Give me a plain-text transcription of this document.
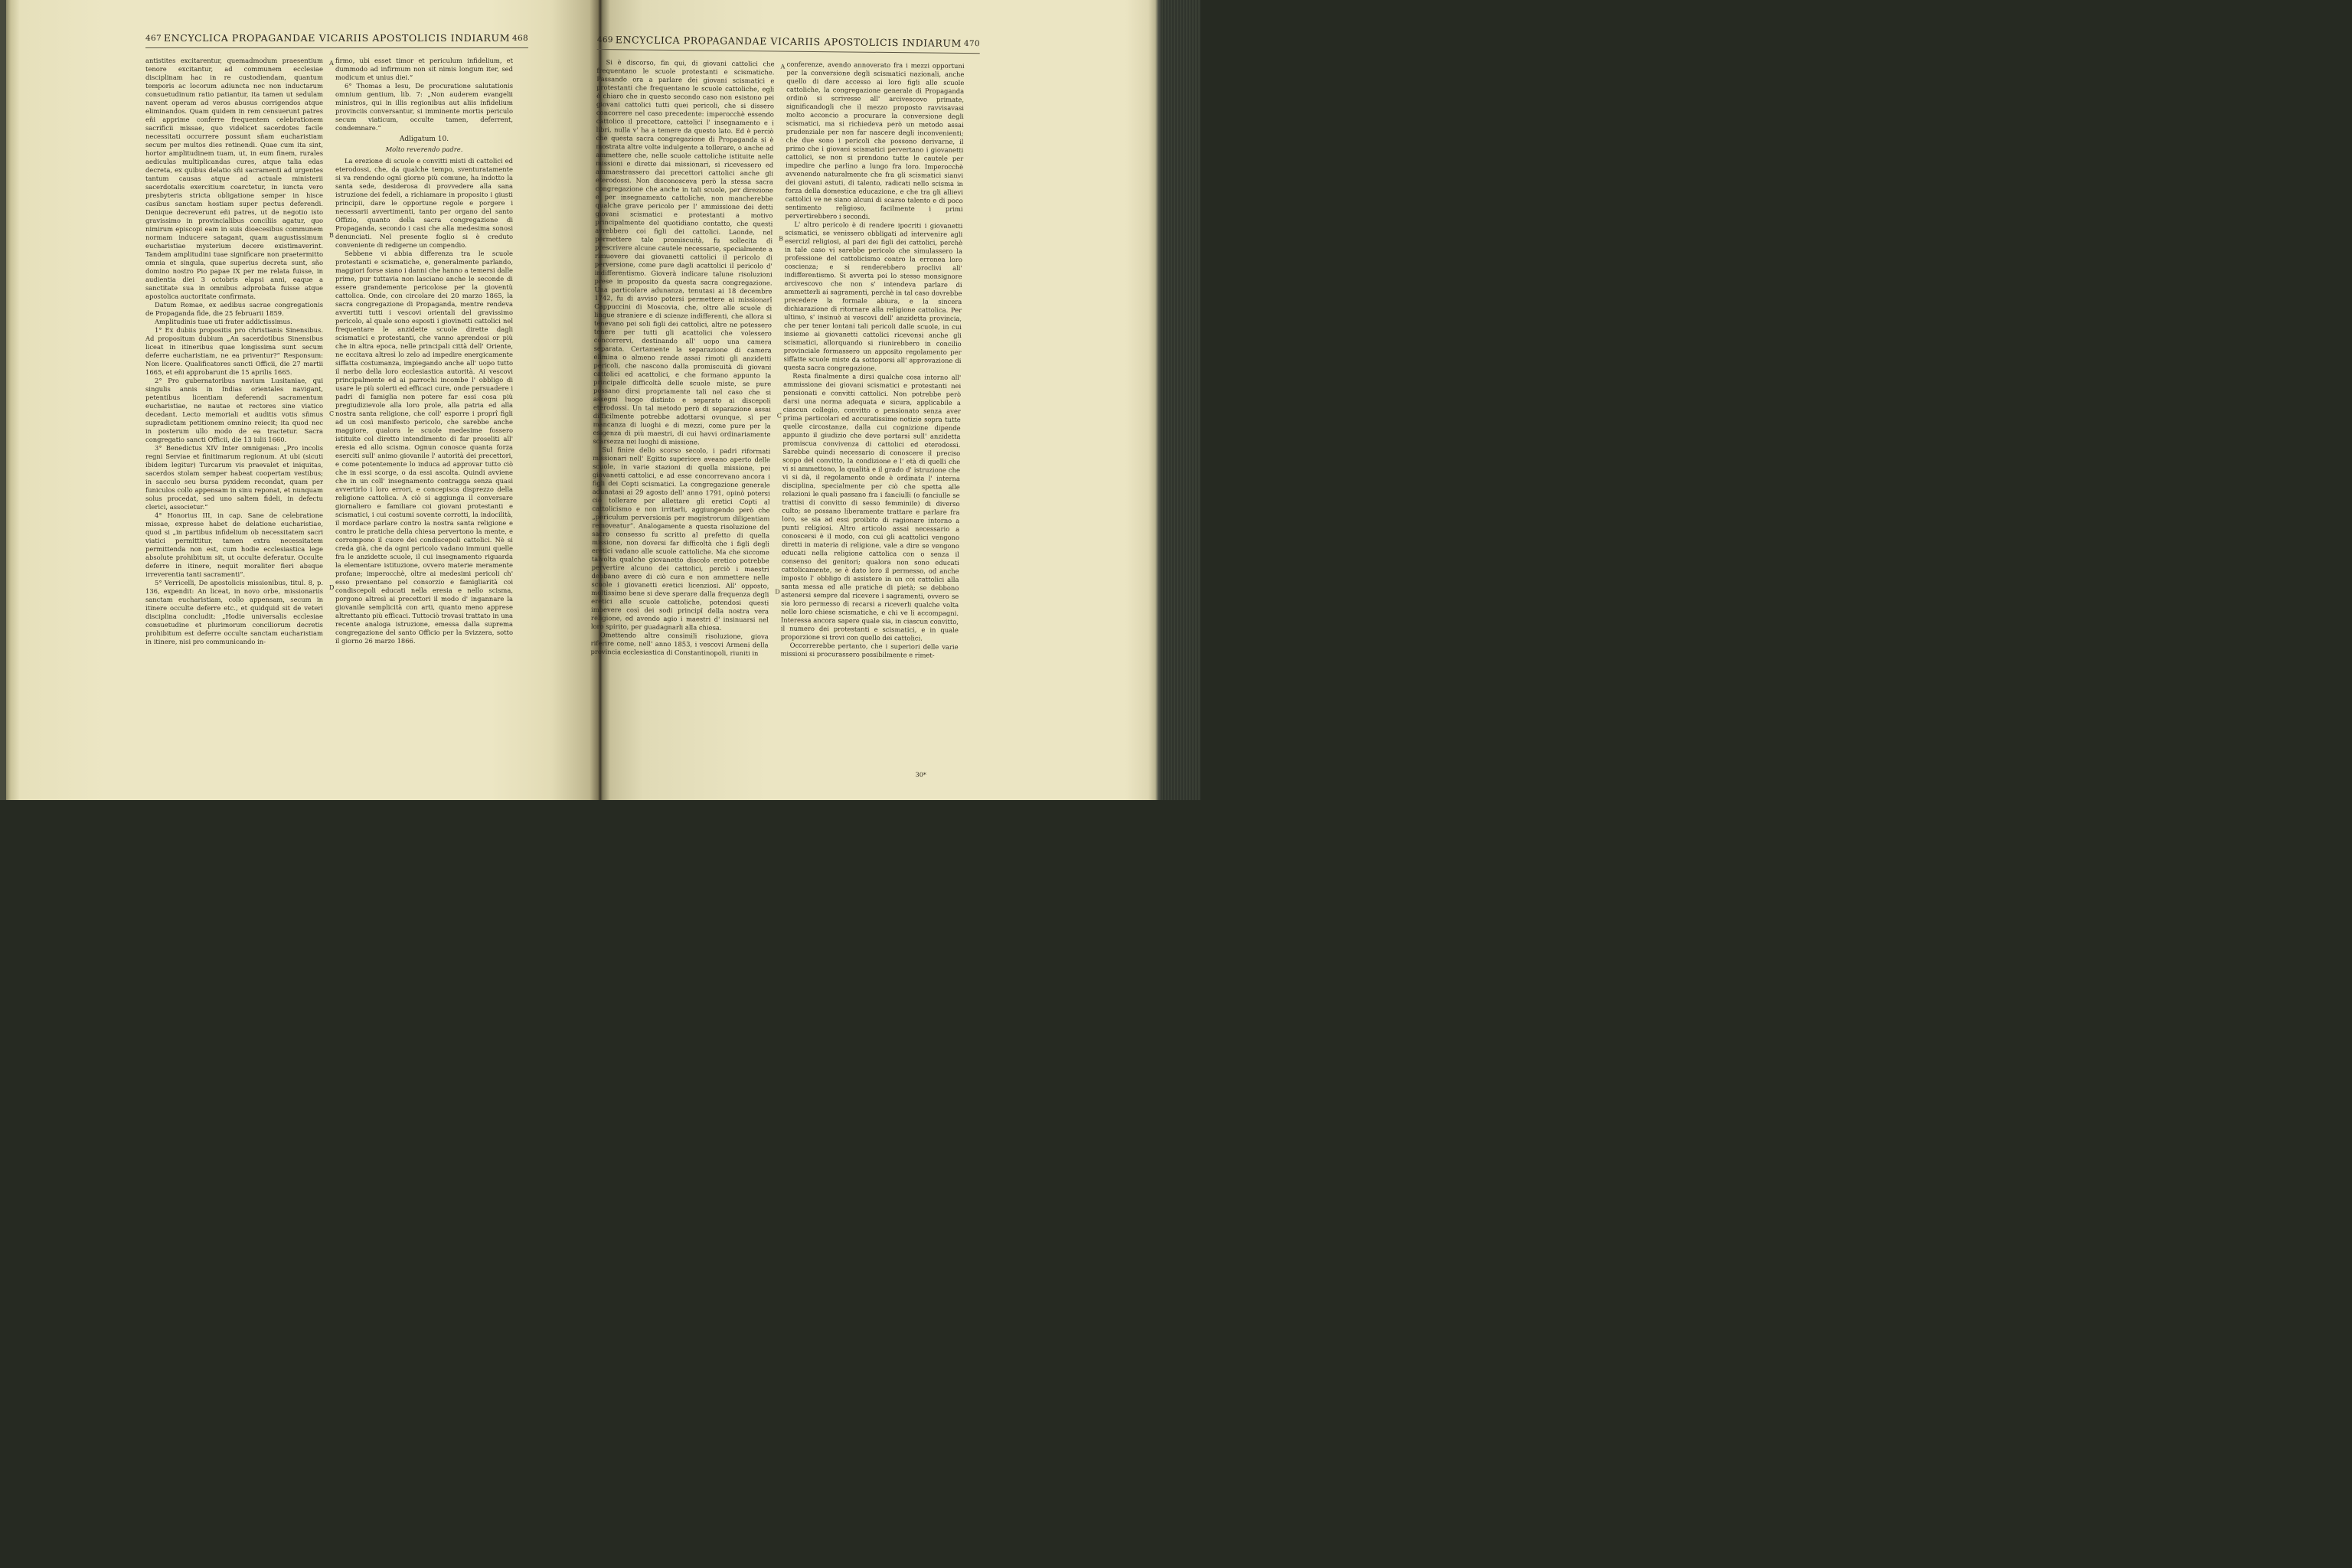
467 ENCYCLICA PROPAGANDAE VICARIIS APOSTOLICIS INDIARUM 468
A
B
C
D

antistites excitarentur, quemadmodum praesentium tenore excitantur, ad communem ecclesiae disciplinam hac in re custodiendam, quantum temporis ac locorum adiuncta nec non inductarum consuetudinum ratio patiantur, ita tamen ut sedulam navent operam ad veros abusus corrigendos atque eliminandos. Quam quidem in rem censuerunt patres eñi apprime conferre frequentem celebrationem sacrificii missae, quo videlicet sacerdotes facile necessitati occurrere possunt sñam eucharistiam secum per multos dies retinendi. Quae cum ita sint, hortor amplitudinem tuam, ut, in eum finem, rurales aediculas multiplicandas cures, atque talia edas decreta, ex quibus delatio sñi sacramenti ad urgentes tantum causas atque ad actuale ministerii sacerdotalis exercitium coarctetur, in iuncta vero presbyteris stricta obligatione semper in hisce casibus sanctam hostiam super pectus deferendi. Denique decreverunt eñi patres, ut de negotio isto gravissimo in provincialibus conciliis agatur, quo nimirum episcopi eam in suis dioecesibus communem normam inducere satagant, quam augustissimum eucharistiae mysterium decere existimaverint. Tandem amplitudini tuae significare non praetermitto omnia et singula, quae superius decreta sunt, sño domino nostro Pio papae IX per me relata fuisse, in audientia diei 3 octobris elapsi anni, eaque a sanctitate sua in omnibus adprobata fuisse atque apostolica auctoritate confirmata.

Datum Romae, ex aedibus sacrae congregationis de Propaganda fide, die 25 februarii 1859.

Amplitudinis tuae uti frater addictissimus.

1° Ex dubiis propositis pro christianis Sinensibus. Ad propositum dubium „An sacerdotibus Sinensibus liceat in itineribus quae longissima sunt secum deferre eucharistiam, ne ea priventur?“ Responsum: Non licere. Qualificatores sancti Officii, die 27 martii 1665, et eñi approbarunt die 15 aprilis 1665.

2° Pro gubernatoribus navium Lusitaniae, qui singulis annis in Indias orientales navigant, petentibus licentiam deferendi sacramentum eucharistiae, ne nautae et rectores sine viatico decedant. Lecto memoriali et auditis votis sñmus supradictam petitionem omnino reiecit; ita quod nec in posterum ullo modo de ea tractetur. Sacra congregatio sancti Officii, die 13 iulii 1660.

3° Benedictus XIV Inter omnigenas: „Pro incolis regni Serviae et finitimarum regionum. At ubi (sicuti ibidem legitur) Turcarum vis praevalet et iniquitas, sacerdos stolam semper habeat coopertam vestibus; in sacculo seu bursa pyxidem recondat, quam per funiculos collo appensam in sinu reponat, et nunquam solus procedat, sed uno saltem fideli, in defectu clerici, associetur.“

4° Honorius III, in cap. Sane de celebratione missae, expresse habet de delatione eucharistiae, quod si „in partibus infidelium ob necessitatem sacri viatici permittitur, tamen extra necessitatem permittenda non est, cum hodie ecclesiastica lege absolute prohibitum sit, ut occulte deferatur. Occulte deferre in itinere, nequit moraliter fieri absque irreverentia tanti sacramenti“.

5° Verricelli, De apostolicis missionibus, titul. 8, p. 136, expendit: An liceat, in novo orbe, missionariis sanctam eucharistiam, collo appensam, secum in itinere occulte deferre etc., et quidquid sit de veteri disciplina concludit: „Hodie universalis ecclesiae consuetudine et plurimorum conciliorum decretis prohibitum est deferre occulte sanctam eucharistiam in itinere, nisi pro communicando in-

firmo, ubi esset timor et periculum infidelium, et dummodo ad infirmum non sit nimis longum iter, sed modicum et unius diei.“

6° Thomas a Iesu, De procuratione salutationis omnium gentium, lib. 7: „Non auderem evangelii ministros, qui in illis regionibus aut aliis infidelium provinciis conversantur, si imminente mortis periculo secum viaticum, occulte tamen, deferrent, condemnare.“

Adligatum 10.

Molto reverendo padre.

La erezione di scuole e convitti misti di cattolici ed eterodossi, che, da qualche tempo, sventuratamente si va rendendo ogni giorno più comune, ha indotto la santa sede, desiderosa di provvedere alla sana istruzione dei fedeli, a richiamare in proposito i giusti principii, dare le opportune regole e porgere i necessarii avvertimenti, tanto per organo del santo Offizio, quanto della sacra congregazione di Propaganda, secondo i casi che alla medesima sonosi denunciati. Nel presente foglio si è creduto conveniente di redigerne un compendio.

Sebbene vi abbia differenza tra le scuole protestanti e scismatiche, e, generalmente parlando, maggiori forse siano i danni che hanno a temersi dalle prime, pur tuttavia non lasciano anche le seconde di essere grandemente pericolose per la gioventù cattolica. Onde, con circolare dei 20 marzo 1865, la sacra congregazione di Propaganda, mentre rendeva avvertiti tutti i vescovi orientali del gravissimo pericolo, al quale sono esposti i giovinetti cattolici nel frequentare le anzidette scuole dirette dagli scismatici e protestanti, che vanno aprendosi or più che in altra epoca, nelle principali città dell' Oriente, ne eccitava altresì lo zelo ad impedire energicamente siffatta costumanza, impiegando anche all' uopo tutto il nerbo della loro ecclesiastica autorità. Ai vescovi principalmente ed ai parrochi incombe l' obbligo di usare le più solerti ed efficaci cure, onde persuadere i padri di famiglia non potere far essi cosa più pregiudizievole alla loro prole, alla patria ed alla nostra santa religione, che coll' esporre i proprî figli ad un così manifesto pericolo, che sarebbe anche maggiore, qualora le scuole medesime fossero istituite col diretto intendimento di far proseliti all' eresia ed allo scisma. Ognun conosce quanta forza eserciti sull' animo giovanile l' autorità dei precettori, e come potentemente lo induca ad approvar tutto ciò che in essi scorge, o da essi ascolta. Quindi avviene che in un coll' insegnamento contragga senza quasi avvertirlo i loro errori, e concepisca disprezzo della religione cattolica. A ciò si aggiunga il conversare giornaliero e familiare coi giovani protestanti e scismatici, i cui costumi sovente corrotti, la indocilità, il mordace parlare contro la nostra santa religione e contro le pratiche della chiesa pervertono la mente, e corrompono il cuore dei condiscepoli cattolici. Nè si creda già, che da ogni pericolo vadano immuni quelle fra le anzidette scuole, il cui insegnamento riguarda la elementare istituzione, ovvero materie meramente profane; imperocchè, oltre ai medesimi pericoli ch' esso presentano pel consorzio e famigliarità coi condiscepoli educati nella eresia e nello scisma, porgono altresì ai precettori il modo d' ingannare la giovanile semplicità con arti, quanto meno apprese altrettanto più efficaci. Tuttociò trovasi trattato in una recente analoga istruzione, emessa dalla suprema congregazione del santo Officio per la Svizzera, sotto il giorno 26 marzo 1866.

469 ENCYCLICA PROPAGANDAE VICARIIS APOSTOLICIS INDIARUM 470
A
B
C
D

Si è discorso, fin qui, di giovani cattolici che frequentano le scuole protestanti e scismatiche. Passando ora a parlare dei giovani scismatici e protestanti che frequentano le scuole cattoliche, egli è chiaro che in questo secondo caso non esistono pei giovani cattolici tutti quei pericoli, che si dissero concorrere nel caso precedente: imperocchè essendo cattolico il precettore, cattolici l' insegnamento e i libri, nulla v' ha a temere da questo lato. Ed è perciò che questa sacra congregazione di Propaganda si è mostrata altre volte indulgente a tollerare, o anche ad ammettere che, nelle scuole cattoliche istituite nelle missioni e dirette dai missionari, si ricevessero ed ammaestrassero dai precettori cattolici anche gli eterodossi. Non disconosceva però la stessa sacra congregazione che anche in tali scuole, per direzione e per insegnamento cattoliche, non mancherebbe qualche grave pericolo per l' ammissione dei detti giovani scismatici e protestanti a motivo principalmente del quotidiano contatto, che questi avrebbero coi figli dei cattolici. Laonde, nel permettere tale promiscuità, fu sollecita di prescrivere alcune cautele necessarie, specialmente a rimuovere dai giovanetti cattolici il pericolo di perversione, come pure dagli acattolici il pericolo d' indifferentismo. Gioverà indicare talune risoluzioni prese in proposito da questa sacra congregazione. Una particolare adunanza, tenutasi ai 18 decembre 1742, fu di avviso potersi permettere ai missionarî Cappuccini di Moscovia, che, oltre alle scuole di lingue straniere e di scienze indifferenti, che allora si tenevano pei soli figli dei cattolici, altre ne potessero tenere per tutti gli acattolici che volessero concorrervi, destinando all' uopo una camera separata. Certamente la separazione di camera elimina o almeno rende assai rimoti gli anzidetti pericoli, che nascono dalla promiscuità di giovani cattolici ed acattolici, e che formano appunto la principale difficoltà delle scuole miste, se pure possano dirsi propriamente tali nel caso che si assegni luogo distinto e separato ai discepoli eterodossi. Un tal metodo però di separazione assai difficilmente potrebbe adottarsi ovunque, sì per mancanza di luoghi e di mezzi, come pure per la esigenza di più maestri, di cui havvi ordinariamente scarsezza nei luoghi di missione.

Sul finire dello scorso secolo, i padri riformati missionari nell' Egitto superiore aveano aperto delle scuole, in varie stazioni di quella missione, pei giovanetti cattolici, e ad esse concorrevano ancora i figli dei Copti scismatici. La congregazione generale adunatasi ai 29 agosto dell' anno 1791, opinò potersi ciò tollerare per allettare gli eretici Copti al cattolicismo e non irritarli, aggiungendo però che „periculum perversionis per magistrorum diligentiam removeatur“. Analogamente a questa risoluzione del sacro consesso fu scritto al prefetto di quella missione, non doversi far difficoltà che i figli degli eretici vadano alle scuole cattoliche. Ma che siccome talvolta qualche giovanetto discolo eretico potrebbe pervertire alcuno dei cattolici, perciò i maestri debbano avere di ciò cura e non ammettere nelle scuole i giovanetti eretici licenziosi. All' opposto, moltissimo bene si deve sperare dalla frequenza degli eretici alle scuole cattoliche, potendosi questi imbevere così dei sodi principî della nostra vera religione, ed avendo agio i maestri d' insinuarsi nel loro spirito, per guadagnarli alla chiesa.

Omettendo altre consimili risoluzione, giova riferire come, nell' anno 1853, i vescovi Armeni della provincia ecclesiastica di Constantinopoli, riuniti in

conferenze, avendo annoverato fra i mezzi opportuni per la conversione degli scismatici nazionali, anche quello di dare accesso ai loro figli alle scuole cattoliche, la congregazione generale di Propaganda ordinò si scrivesse all' arcivescovo primate, significandogli che il mezzo proposto ravvisavasi molto acconcio a procurare la conversione degli scismatici, ma si richiedeva però un metodo assai prudenziale per non far nascere degli inconvenienti; che due sono i pericoli che possono derivarne, il primo che i giovani scismatici pervertano i giovanetti cattolici, se non si prendono tutte le cautele per impedire che parlino a lungo fra loro. Imperocchè avvenendo naturalmente che fra gli scismatici sianvi dei giovani astuti, di talento, radicati nello scisma in forza della domestica educazione, e che tra gli allievi cattolici ve ne siano alcuni di scarso talento e di poco sentimento religioso, facilmente i primi pervertirebbero i secondi.

L' altro pericolo è di rendere ipocriti i giovanetti scismatici, se venissero obbligati ad intervenire agli esercizî religiosi, al pari dei figli dei cattolici, perchè in tale caso vi sarebbe pericolo che simulassero la professione del cattolicismo contro la erronea loro coscienza; e si renderebbero proclivi all' indifferentismo. Si avverta poi lo stesso monsignore arcivescovo che non s' intendeva parlare di ammetterli ai sagramenti, perchè in tal caso dovrebbe precedere la formale abiura, e la sincera dichiarazione di ritornare alla religione cattolica. Per ultimo, s' insinuò ai vescovi dell' anzidetta provincia, che per tener lontani tali pericoli dalle scuole, in cui insieme ai giovanetti cattolici ricevonsi anche gli scismatici, allorquando si riunirebbero in concilio provinciale formassero un apposito regolamento per siffatte scuole miste da sottoporsi all' approvazione di questa sacra congregazione.

Resta finalmente a dirsi qualche cosa intorno all' ammissione dei giovani scismatici e protestanti nei pensionati e convitti cattolici. Non potrebbe però darsi una norma adequata e sicura, applicabile a ciascun collegio, convitto o pensionato senza aver prima particolari ed accuratissime notizie sopra tutte quelle circostanze, dalla cui cognizione dipende appunto il giudizio che deve portarsi sull' anzidetta promiscua convivenza di cattolici ed eterodossi. Sarebbe quindi necessario di conoscere il preciso scopo del convitto, la condizione e l' età di quelli che vi si ammettono, la qualità e il grado d' istruzione che vi si dà, il regolamento onde è ordinata l' interna disciplina, specialmente per ciò che spetta alle relazioni le quali passano fra i fanciulli (o fanciulle se trattisi di convitto di sesso femminile) di diverso culto; se possano liberamente trattare e parlare fra loro, se sia ad essi proibito di ragionare intorno a punti religiosi. Altro articolo assai necessario a conoscersi è il modo, con cui gli acattolici vengono diretti in materia di religione, vale a dire se vengono educati nella religione cattolica con o senza il consenso dei genitori; qualora non sono educati cattolicamente, se è dato loro il permesso, od anche imposto l' obbligo di assistere in un coi cattolici alla santa messa ed alle pratiche di pietà; se debbono astenersi sempre dal ricevere i sagramenti, ovvero se sia loro permesso di recarsi a riceverli qualche volta nelle loro chiese scismatiche, e chi ve li accompagni. Interessa ancora sapere quale sia, in ciascun convitto, il numero dei protestanti e scismatici, e in quale proporzione si trovi con quello dei cattolici.

Occorrerebbe pertanto, che i superiori delle varie missioni si procurassero possibilmente e rimet-

30*
